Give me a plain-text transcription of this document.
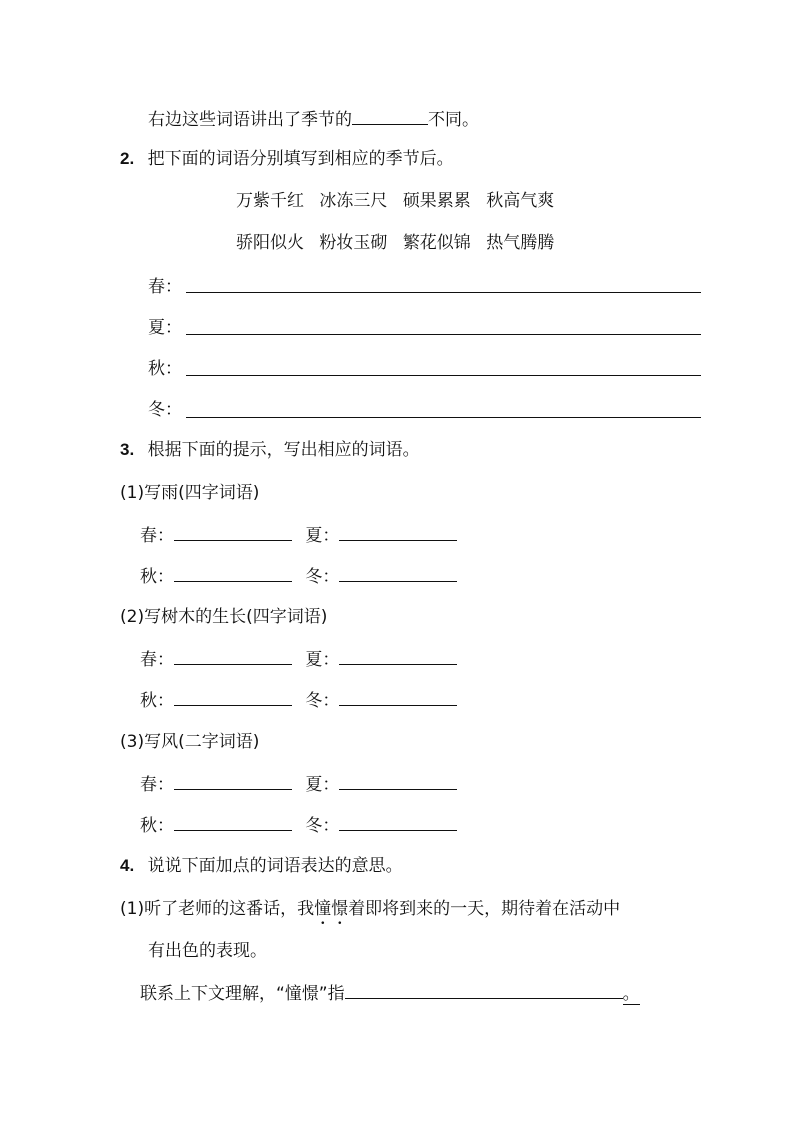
右边这些词语讲出了季节的	不同。
2. 把下面的词语分别填写到相应的季节后。
万紫千红 冰冻三尺 硕果累累 秋高气爽
骄阳似火 粉妆玉砌 繁花似锦 热气腾腾
春：
夏：
秋：
冬：
3. 根据下面的提示，写出相应的词语。
(1)写雨(四字词语)
春：	夏：
秋：	冬：
(2)写树木的生长(四字词语)
春：	夏：
秋：	冬：
(3)写风(二字词语)
春：	夏：
秋：	冬：
4. 说说下面加点的词语表达的意思。
(1)听了老师的这番话，我憧憬着即将到来的一天，期待着在活动中
有出色的表现。
联系上下文理解，“憧憬”指	。
